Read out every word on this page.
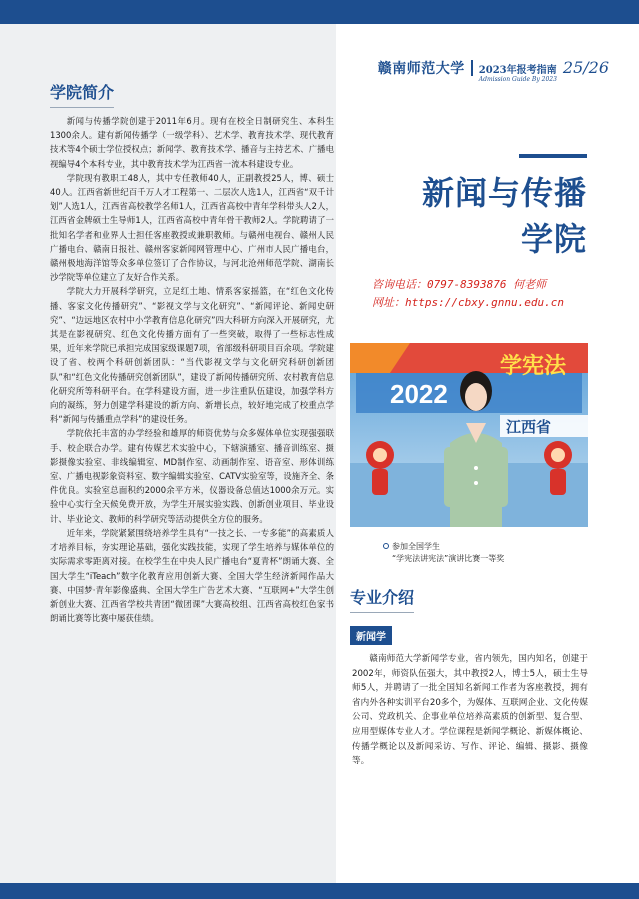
赣南师范大学 2023年报考指南
Admission Guide By 2023
25/26
学院简介

新闻与传播学院创建于2011年6月。现有在校全日制研究生、本科生1300余人。建有新闻传播学（一级学科）、艺术学、教育技术学、现代教育技术等4个硕士学位授权点；新闻学、教育技术学、播音与主持艺术、广播电视编导4个本科专业，其中教育技术学为江西省一流本科建设专业。

学院现有教职工48人，其中专任教师40人，正副教授25人，博、硕士40人。江西省新世纪百千万人才工程第一、二层次人选1人，江西省“双千计划”人选1人，江西省高校教学名师1人，江西省高校中青年学科带头人2人，江西省金牌硕士生导师1人，江西省高校中青年骨干教师2人。学院聘请了一批知名学者和业界人士担任客座教授或兼职教师。与赣州电视台、赣州人民广播电台、赣南日报社、赣州客家新闻网管理中心、广州市人民广播电台，赣州极地海洋馆等众多单位签订了合作协议，与河北沧州师范学院、湖南长沙学院等单位建立了友好合作关系。

学院大力开展科学研究，立足红土地、情系客家摇篮，在“红色文化传播、客家文化传播研究”、“影视文学与文化研究”、“新闻评论、新闻史研究”、“边远地区农村中小学教育信息化研究”四大科研方向深入开展研究，尤其是在影视研究、红色文化传播方面有了一些突破，取得了一些标志性成果，近年来学院已承担完成国家级课题7项，省部级科研项目百余项。学院建设了省、校两个科研创新团队：“当代影视文学与文化研究科研创新团队”和“红色文化传播研究创新团队”，建设了新闻传播研究所、农村教育信息化研究所等科研平台。在学科建设方面，进一步注重队伍建设，加强学科方向的凝练，努力创建学科建设的新方向、新增长点，较好地完成了校重点学科“新闻与传播重点学科”的建设任务。

学院依托丰富的办学经验和雄厚的师资优势与众多媒体单位实现强强联手、校企联合办学。建有传媒艺术实验中心，下辖演播室、播音训练室、摄影摄像实验室、非线编辑室、MD制作室、动画制作室、语音室、形体训练室、广播电视影象资料室、数字编辑实验室、CATV实验室等，设施齐全、条件优良。实验室总面积约2000余平方米，仪器设备总值达1000余万元。实验中心实行全天候免费开放，为学生开展实验实践、创新创业项目、毕业设计、毕业论文、教师的科学研究等活动提供全方位的服务。

近年来，学院紧紧围绕培养学生具有“一技之长、一专多能”的高素质人才培养目标，夯实理论基础，强化实践技能，实现了学生培养与媒体单位的实际需求零距离对接。在校学生在中央人民广播电台“夏青杯”朗诵大赛、全国大学生“iTeach”数字化教育应用创新大赛、全国大学生经济新闻作品大赛、中国梦·青年影像盛典、全国大学生广告艺术大赛、“互联网+”大学生创新创业大赛、江西省学校共青团“微团课”大赛高校组、江西省高校红色家书朗诵比赛等比赛中屡获佳绩。

新闻与传播
学院
咨询电话：0797-8393876 何老师
网址：https://cbxy.gnnu.edu.cn
2022
学宪法
江西省
参加全国学生
“学宪法讲宪法”演讲比赛一等奖
专业介绍
新闻学

赣南师范大学新闻学专业，省内领先，国内知名，创建于2002年，师资队伍强大，其中教授2人，博士5人，硕士生导师5人，并聘请了一批全国知名新闻工作者为客座教授，拥有省内外各种实训平台20多个，为媒体、互联网企业、文化传媒公司、党政机关、企事业单位培养高素质的创新型、复合型、应用型媒体专业人才。学位课程是新闻学概论、新媒体概论、传播学概论以及新闻采访、写作、评论、编辑、摄影、摄像等。
